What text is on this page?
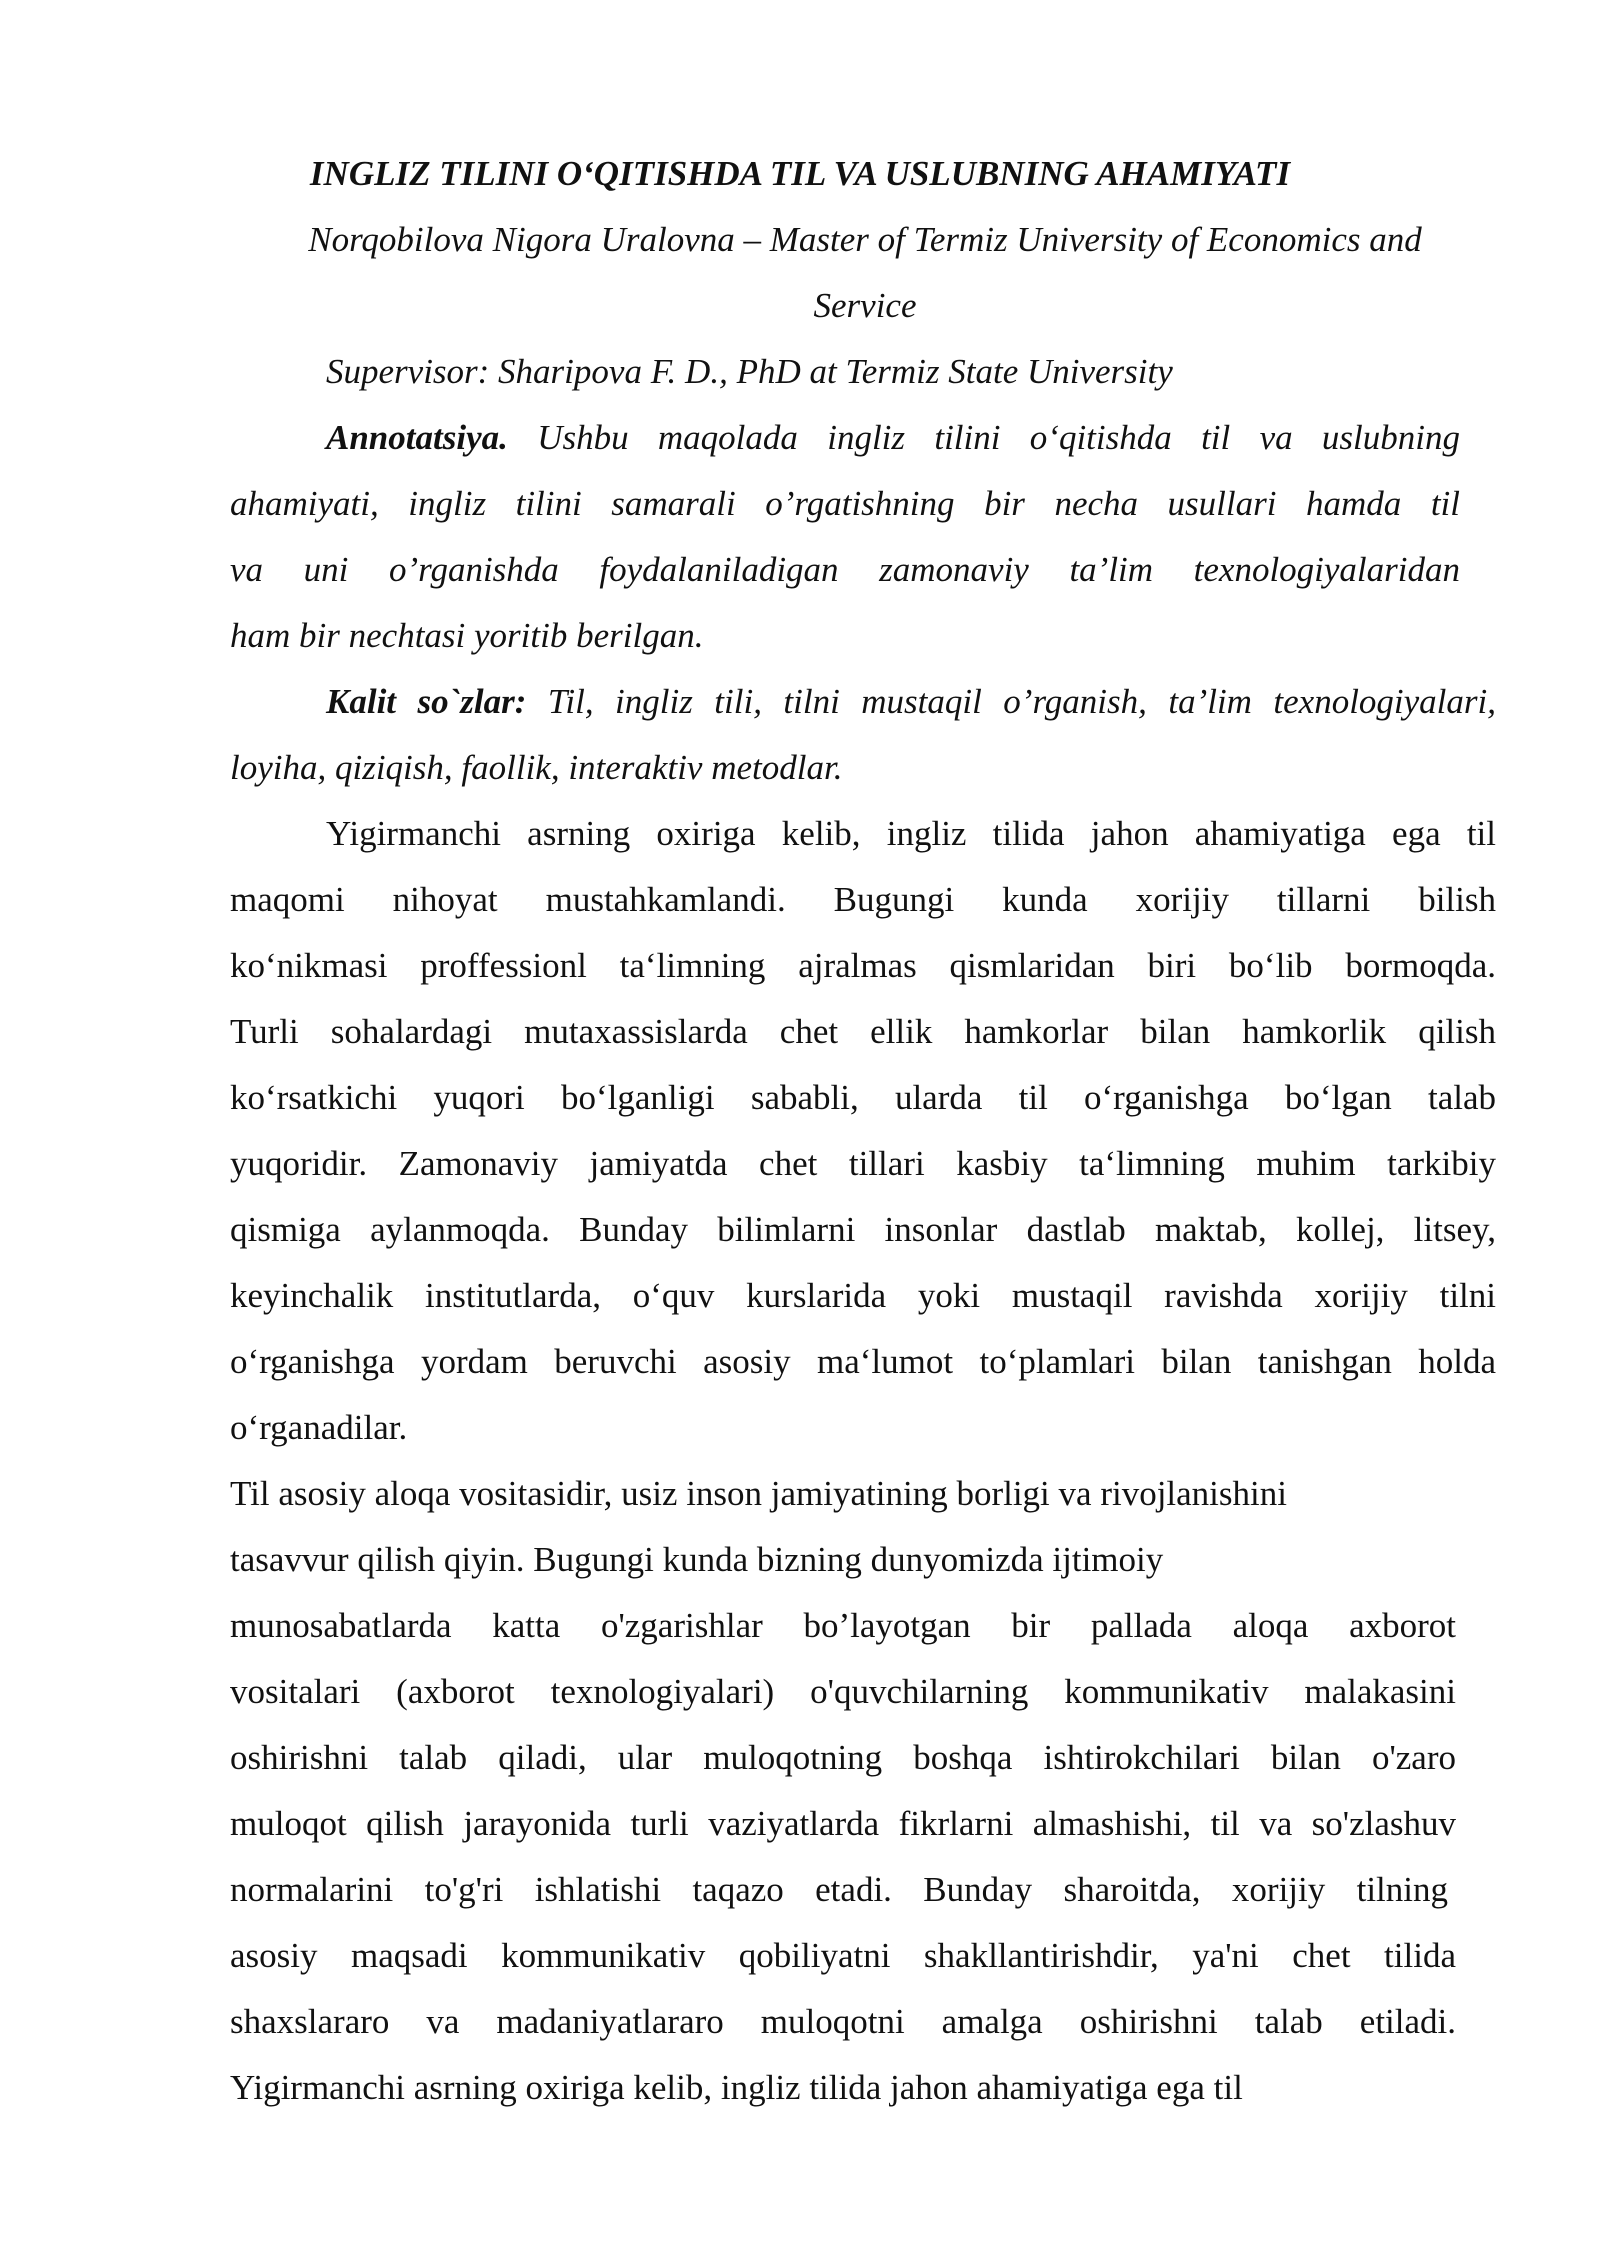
INGLIZ TILINI O‘QITISHDA TIL VA USLUBNING AHAMIYATI
Norqobilova Nigora Uralovna – Master of Termiz University of Economics and
Service
Supervisor: Sharipova F. D., PhD at Termiz State University
Annotatsiya. Ushbu maqolada ingliz tilini o‘qitishda til va uslubning
ahamiyati, ingliz tilini samarali o’rgatishning bir necha usullari hamda til
va uni o’rganishda foydalaniladigan zamonaviy ta’lim texnologiyalaridan
ham bir nechtasi yoritib berilgan.
Kalit so`zlar: Til, ingliz tili, tilni mustaqil o’rganish, ta’lim texnologiyalari,
loyiha, qiziqish, faollik, interaktiv metodlar.
Yigirmanchi asrning oxiriga kelib, ingliz tilida jahon ahamiyatiga ega til
maqomi nihoyat mustahkamlandi. Bugungi kunda xorijiy tillarni bilish
ko‘nikmasi proffessionl ta‘limning ajralmas qismlaridan biri bo‘lib bormoqda.
Turli sohalardagi mutaxassislarda chet ellik hamkorlar bilan hamkorlik qilish
ko‘rsatkichi yuqori bo‘lganligi sababli, ularda til o‘rganishga bo‘lgan talab
yuqoridir. Zamonaviy jamiyatda chet tillari kasbiy ta‘limning muhim tarkibiy
qismiga aylanmoqda. Bunday bilimlarni insonlar dastlab maktab, kollej, litsey,
keyinchalik institutlarda, o‘quv kurslarida yoki mustaqil ravishda xorijiy tilni
o‘rganishga yordam beruvchi asosiy ma‘lumot to‘plamlari bilan tanishgan holda
o‘rganadilar.
Til asosiy aloqa vositasidir, usiz inson jamiyatining borligi va rivojlanishini
tasavvur qilish qiyin. Bugungi kunda bizning dunyomizda ijtimoiy
munosabatlarda katta o'zgarishlar bo’layotgan bir pallada aloqa axborot
vositalari (axborot texnologiyalari) o'quvchilarning kommunikativ malakasini
oshirishni talab qiladi, ular muloqotning boshqa ishtirokchilari bilan o'zaro
muloqot qilish jarayonida turli vaziyatlarda fikrlarni almashishi, til va so'zlashuv
normalarini to'g'ri ishlatishi taqazo etadi. Bunday sharoitda, xorijiy tilning
asosiy maqsadi kommunikativ qobiliyatni shakllantirishdir, ya'ni chet tilida
shaxslararo va madaniyatlararo muloqotni amalga oshirishni talab etiladi.
Yigirmanchi asrning oxiriga kelib, ingliz tilida jahon ahamiyatiga ega til
